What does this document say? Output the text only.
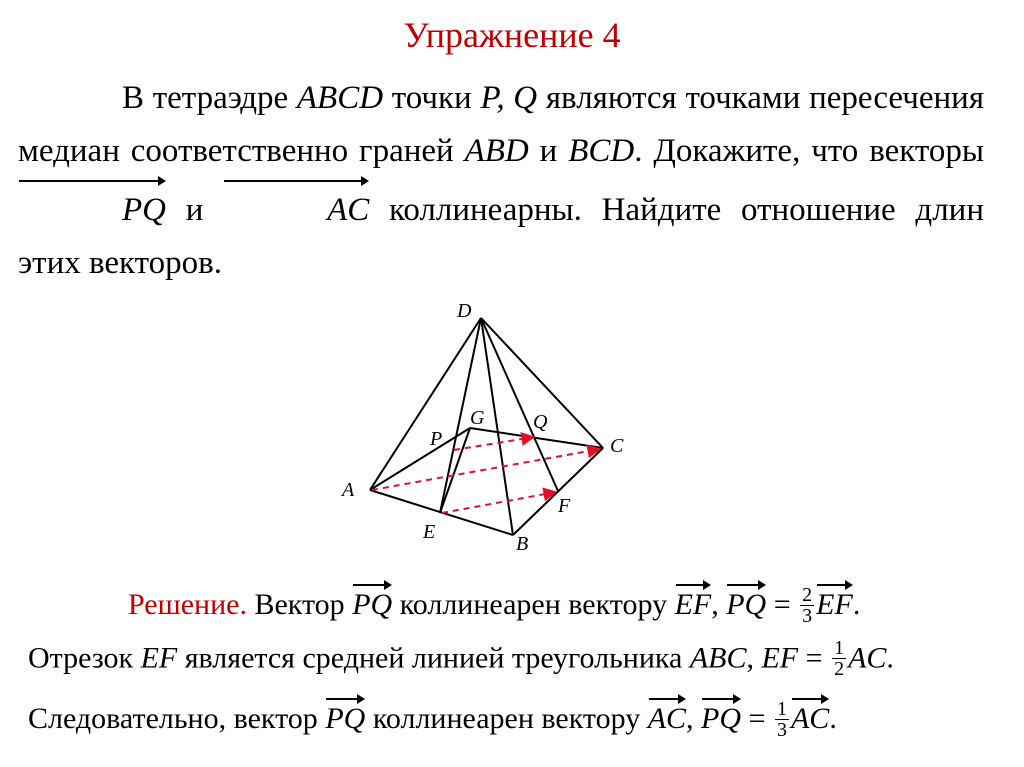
Упражнение 4
В тетраэдре ABCD точки P, Q являются точками пересечения медиан соответственно граней ABD и BCD. Докажите, что векторы
PQ и	AC коллинеарны. Найдите отношение длин этих векторов.
D
A
B
C
E
F
G
P
Q
Решение. Вектор
PQ коллинеарен вектору
EF,
PQ = $\frac{2}{3}$ EF.
Отрезок EF является средней линией треугольника ABC, EF = $\frac{1}{2}$ AC.
Следовательно, вектор
PQ коллинеарен вектору
AC,
PQ = $\frac{1}{3}$ AC.
